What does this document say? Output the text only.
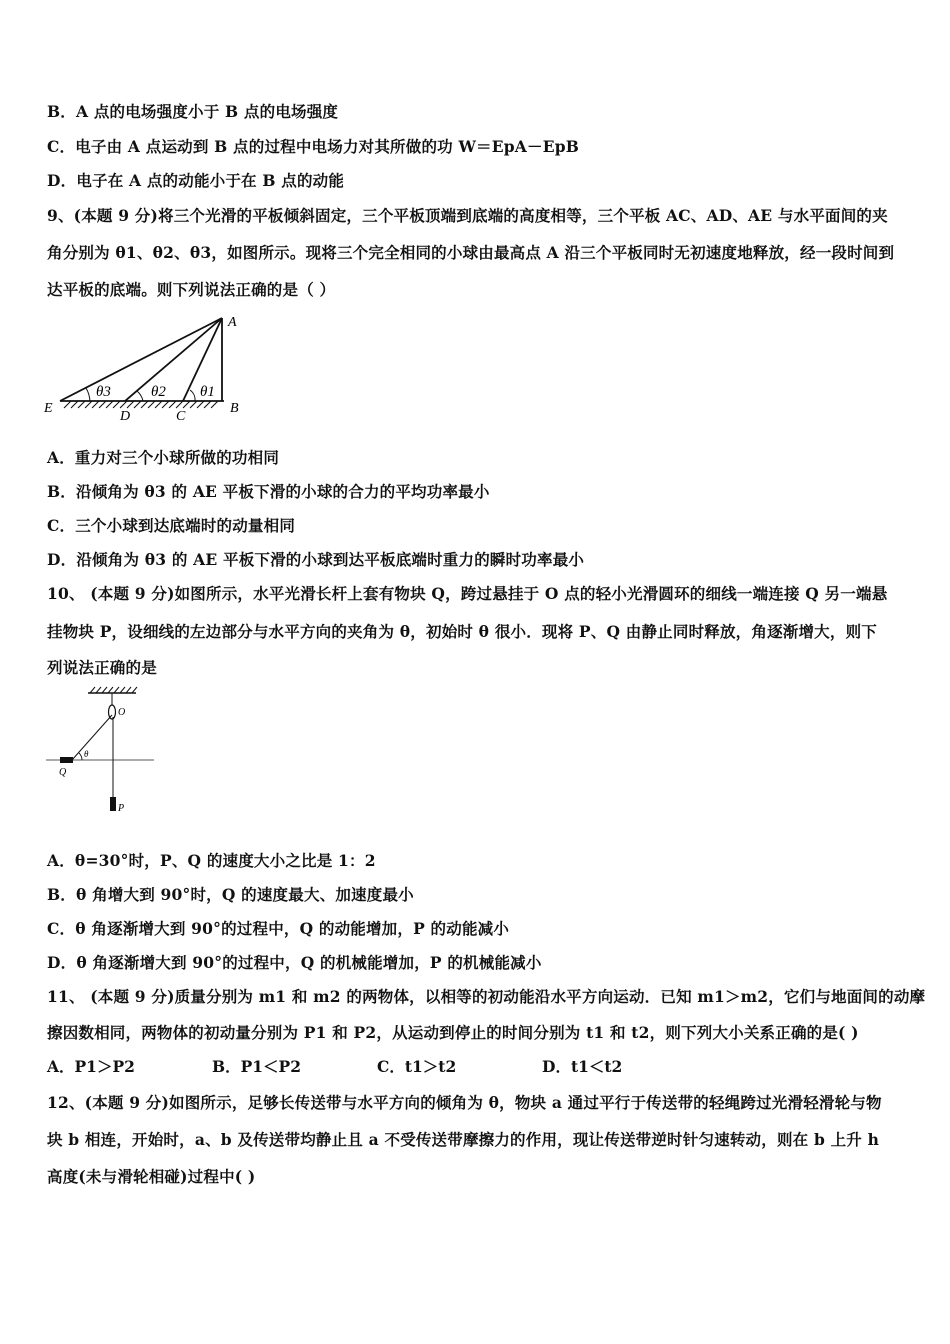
B．A 点的电场强度小于 B 点的电场强度
C．电子由 A 点运动到 B 点的过程中电场力对其所做的功 W＝EpA－EpB
D．电子在 A 点的动能小于在 B 点的动能
9、(本题 9 分)将三个光滑的平板倾斜固定，三个平板顶端到底端的高度相等，三个平板 AC、AD、AE 与水平面间的夹
角分别为 θ1、θ2、θ3，如图所示。现将三个完全相同的小球由最高点 A 沿三个平板同时无初速度地释放，经一段时间到
达平板的底端。则下列说法正确的是（ ）
A
B
C
D
E
θ3	θ2 θ1
A．重力对三个小球所做的功相同
B．沿倾角为 θ3 的 AE 平板下滑的小球的合力的平均功率最小
C．三个小球到达底端时的动量相同
D．沿倾角为 θ3 的 AE 平板下滑的小球到达平板底端时重力的瞬时功率最小
10、 (本题 9 分)如图所示，水平光滑长杆上套有物块 Q，跨过悬挂于 O 点的轻小光滑圆环的细线一端连接 Q 另一端悬
挂物块 P，设细线的左边部分与水平方向的夹角为 θ，初始时 θ 很小．现将 P、Q 由静止同时释放，角逐渐增大，则下
列说法正确的是
O
θ
Q
P
A．θ=30°时，P、Q 的速度大小之比是 1：2
B．θ 角增大到 90°时，Q 的速度最大、加速度最小
C．θ 角逐渐增大到 90°的过程中，Q 的动能增加，P 的动能减小
D．θ 角逐渐增大到 90°的过程中，Q 的机械能增加，P 的机械能减小
11、 (本题 9 分)质量分别为 m1 和 m2 的两物体，以相等的初动能沿水平方向运动．已知 m1＞m2，它们与地面间的动摩
擦因数相同，两物体的初动量分别为 P1 和 P2，从运动到停止的时间分别为 t1 和 t2，则下列大小关系正确的是( )
A．P1＞P2	B．P1＜P2	C．t1＞t2	D．t1＜t2
12、(本题 9 分)如图所示，足够长传送带与水平方向的倾角为 θ，物块 a 通过平行于传送带的轻绳跨过光滑轻滑轮与物
块 b 相连，开始时，a、b 及传送带均静止且 a 不受传送带摩擦力的作用，现让传送带逆时针匀速转动，则在 b 上升 h
高度(未与滑轮相碰)过程中( )
